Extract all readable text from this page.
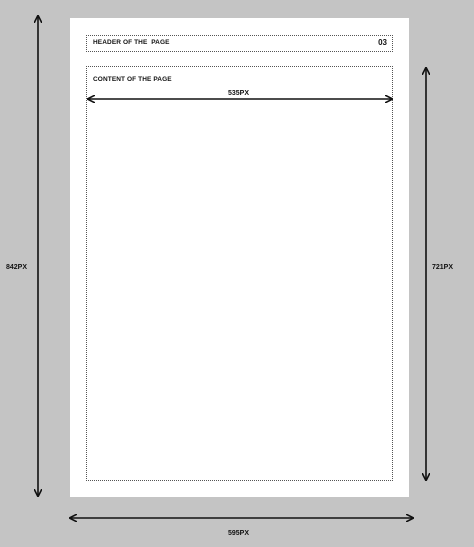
HEADER OF THE  PAGE	03
CONTENT OF THE PAGE
842PX
595PX
535PX
721PX
